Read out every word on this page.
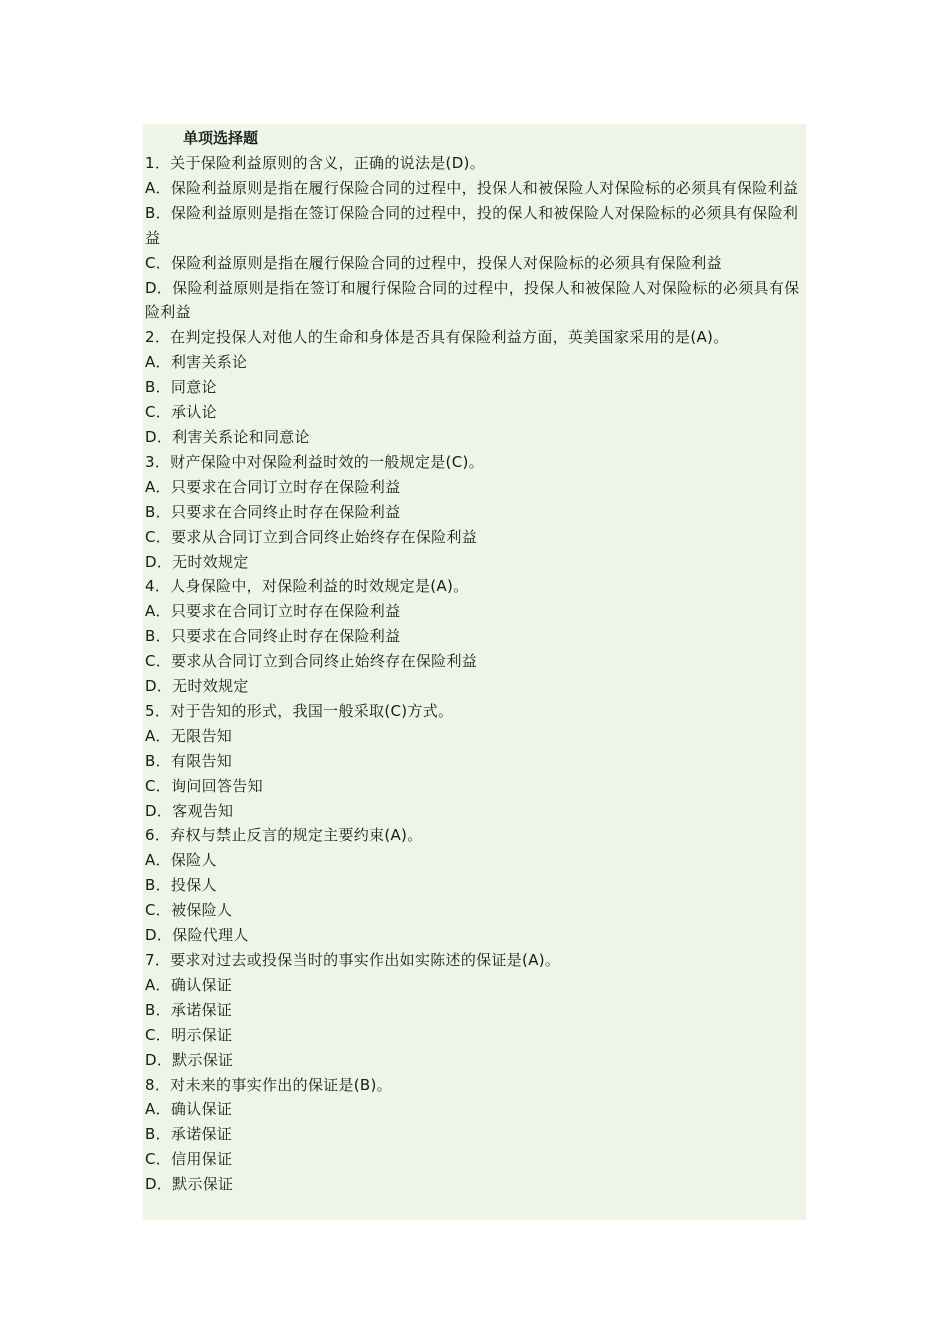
单项选择题
1．关于保险利益原则的含义，正确的说法是(D)。
A．保险利益原则是指在履行保险合同的过程中，投保人和被保险人对保险标的必须具有保险利益
B．保险利益原则是指在签订保险合同的过程中，投的保人和被保险人对保险标的必须具有保险利益
C．保险利益原则是指在履行保险合同的过程中，投保人对保险标的必须具有保险利益
D．保险利益原则是指在签订和履行保险合同的过程中，投保人和被保险人对保险标的必须具有保险利益
2．在判定投保人对他人的生命和身体是否具有保险利益方面，英美国家采用的是(A)。
A．利害关系论
B．同意论
C．承认论
D．利害关系论和同意论
3．财产保险中对保险利益时效的一般规定是(C)。
A．只要求在合同订立时存在保险利益
B．只要求在合同终止时存在保险利益
C．要求从合同订立到合同终止始终存在保险利益
D．无时效规定
4．人身保险中，对保险利益的时效规定是(A)。
A．只要求在合同订立时存在保险利益
B．只要求在合同终止时存在保险利益
C．要求从合同订立到合同终止始终存在保险利益
D．无时效规定
5．对于告知的形式，我国一般采取(C)方式。
A．无限告知
B．有限告知
C．询问回答告知
D．客观告知
6．弃权与禁止反言的规定主要约束(A)。
A．保险人
B．投保人
C．被保险人
D．保险代理人
7．要求对过去或投保当时的事实作出如实陈述的保证是(A)。
A．确认保证
B．承诺保证
C．明示保证
D．默示保证
8．对未来的事实作出的保证是(B)。
A．确认保证
B．承诺保证
C．信用保证
D．默示保证
